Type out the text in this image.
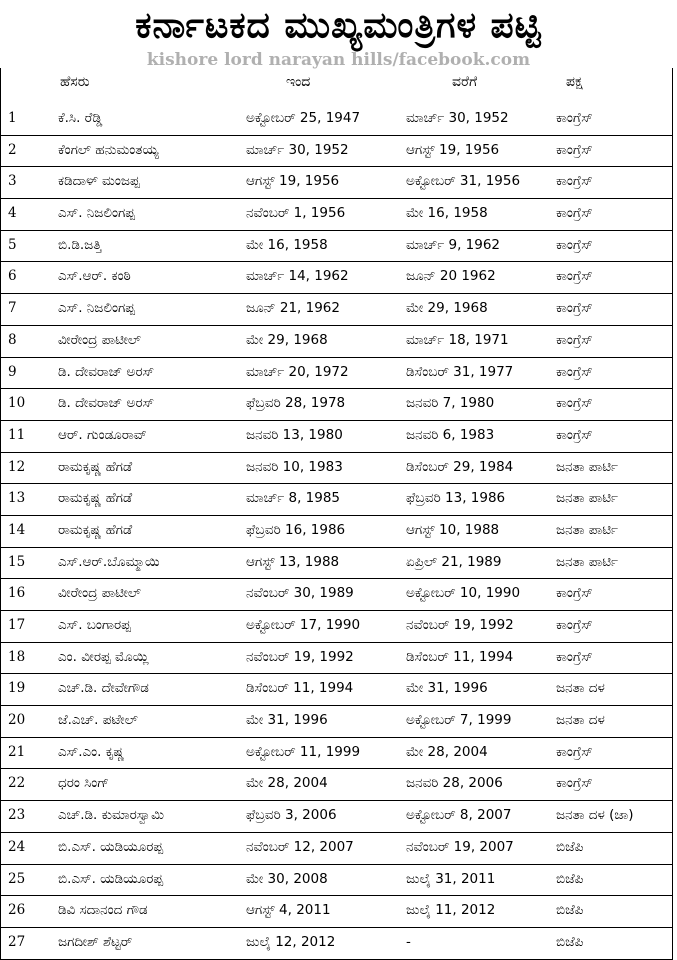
ಕರ್ನಾಟಕದ ಮುಖ್ಯಮಂತ್ರಿಗಳ ಪಟ್ಟಿ
kishore lord narayan hills/facebook.com
ಹೆಸರು	ಇಂದ	ವರೆಗೆ	ಪಕ್ಷ
1	ಕೆ.ಸಿ. ರೆಡ್ಡಿ	ಅಕ್ಟೋಬರ್ 25, 1947	ಮಾರ್ಚ್ 30, 1952	ಕಾಂಗ್ರೆಸ್
2	ಕೆಂಗಲ್ ಹನುಮಂತಯ್ಯ	ಮಾರ್ಚ್ 30, 1952	ಆಗಸ್ಟ್ 19, 1956	ಕಾಂಗ್ರೆಸ್
3	ಕಡಿದಾಳ್ ಮಂಜಪ್ಪ	ಆಗಸ್ಟ್ 19, 1956	ಅಕ್ಟೋಬರ್ 31, 1956	ಕಾಂಗ್ರೆಸ್
4	ಎಸ್. ನಿಜಲಿಂಗಪ್ಪ	ನವೆಂಬರ್ 1, 1956	ಮೇ 16, 1958	ಕಾಂಗ್ರೆಸ್
5	ಬಿ.ಡಿ.ಜತ್ತಿ	ಮೇ 16, 1958	ಮಾರ್ಚ್ 9, 1962	ಕಾಂಗ್ರೆಸ್
6	ಎಸ್.ಆರ್. ಕಂಠಿ	ಮಾರ್ಚ್ 14, 1962	ಜೂನ್ 20 1962	ಕಾಂಗ್ರೆಸ್
7	ಎಸ್. ನಿಜಲಿಂಗಪ್ಪ	ಜೂನ್ 21, 1962	ಮೇ 29, 1968	ಕಾಂಗ್ರೆಸ್
8	ವೀರೇಂದ್ರ ಪಾಟೀಲ್	ಮೇ 29, 1968	ಮಾರ್ಚ್ 18, 1971	ಕಾಂಗ್ರೆಸ್
9	ಡಿ. ದೇವರಾಜ್ ಅರಸ್	ಮಾರ್ಚ್ 20, 1972	ಡಿಸೆಂಬರ್ 31, 1977	ಕಾಂಗ್ರೆಸ್
10 ಡಿ. ದೇವರಾಜ್ ಅರಸ್	ಫೆಬ್ರವರಿ 28, 1978	ಜನವರಿ 7, 1980	ಕಾಂಗ್ರೆಸ್
11 ಆರ್. ಗುಂಡೂರಾವ್	ಜನವರಿ 13, 1980	ಜನವರಿ 6, 1983	ಕಾಂಗ್ರೆಸ್
12 ರಾಮಕೃಷ್ಣ ಹೆಗಡೆ	ಜನವರಿ 10, 1983	ಡಿಸೆಂಬರ್ 29, 1984	ಜನತಾ ಪಾರ್ಟಿ
13 ರಾಮಕೃಷ್ಣ ಹೆಗಡೆ	ಮಾರ್ಚ್ 8, 1985	ಫೆಬ್ರವರಿ 13, 1986	ಜನತಾ ಪಾರ್ಟಿ
14 ರಾಮಕೃಷ್ಣ ಹೆಗಡೆ	ಫೆಬ್ರವರಿ 16, 1986	ಆಗಸ್ಟ್ 10, 1988	ಜನತಾ ಪಾರ್ಟಿ
15 ಎಸ್.ಆರ್.ಬೊಮ್ಮಾಯಿ	ಆಗಸ್ಟ್ 13, 1988	ಏಪ್ರಿಲ್ 21, 1989	ಜನತಾ ಪಾರ್ಟಿ
16 ವೀರೇಂದ್ರ ಪಾಟೀಲ್	ನವೆಂಬರ್ 30, 1989	ಅಕ್ಟೋಬರ್ 10, 1990	ಕಾಂಗ್ರೆಸ್
17 ಎಸ್. ಬಂಗಾರಪ್ಪ	ಅಕ್ಟೋಬರ್ 17, 1990	ನವೆಂಬರ್ 19, 1992	ಕಾಂಗ್ರೆಸ್
18 ಎಂ. ವೀರಪ್ಪ ಮೊಯ್ಲಿ	ನವೆಂಬರ್ 19, 1992	ಡಿಸೆಂಬರ್ 11, 1994	ಕಾಂಗ್ರೆಸ್
19 ಎಚ್.ಡಿ. ದೇವೇಗೌಡ	ಡಿಸೆಂಬರ್ 11, 1994	ಮೇ 31, 1996	ಜನತಾ ದಳ
20 ಜೆ.ಎಚ್. ಪಟೇಲ್	ಮೇ 31, 1996	ಅಕ್ಟೋಬರ್ 7, 1999	ಜನತಾ ದಳ
21 ಎಸ್.ಎಂ. ಕೃಷ್ಣ	ಅಕ್ಟೋಬರ್ 11, 1999	ಮೇ 28, 2004	ಕಾಂಗ್ರೆಸ್
22 ಧರಂ ಸಿಂಗ್	ಮೇ 28, 2004	ಜನವರಿ 28, 2006	ಕಾಂಗ್ರೆಸ್
23 ಎಚ್.ಡಿ. ಕುಮಾರಸ್ವಾಮಿ	ಫೆಬ್ರವರಿ 3, 2006	ಅಕ್ಟೋಬರ್ 8, 2007	ಜನತಾ ದಳ (ಜಾ)
24 ಬಿ.ಎಸ್. ಯಡಿಯೂರಪ್ಪ	ನವೆಂಬರ್ 12, 2007	ನವೆಂಬರ್ 19, 2007	ಬಿಜೆಪಿ
25 ಬಿ.ಎಸ್. ಯಡಿಯೂರಪ್ಪ	ಮೇ 30, 2008	ಜುಲೈ 31, 2011	ಬಿಜೆಪಿ
26 ಡಿವಿ ಸದಾನಂದ ಗೌಡ	ಆಗಸ್ಟ್ 4, 2011	ಜುಲೈ 11, 2012	ಬಿಜೆಪಿ
27 ಜಗದೀಶ್ ಶೆಟ್ಟರ್	ಜುಲೈ 12, 2012	-	ಬಿಜೆಪಿ
